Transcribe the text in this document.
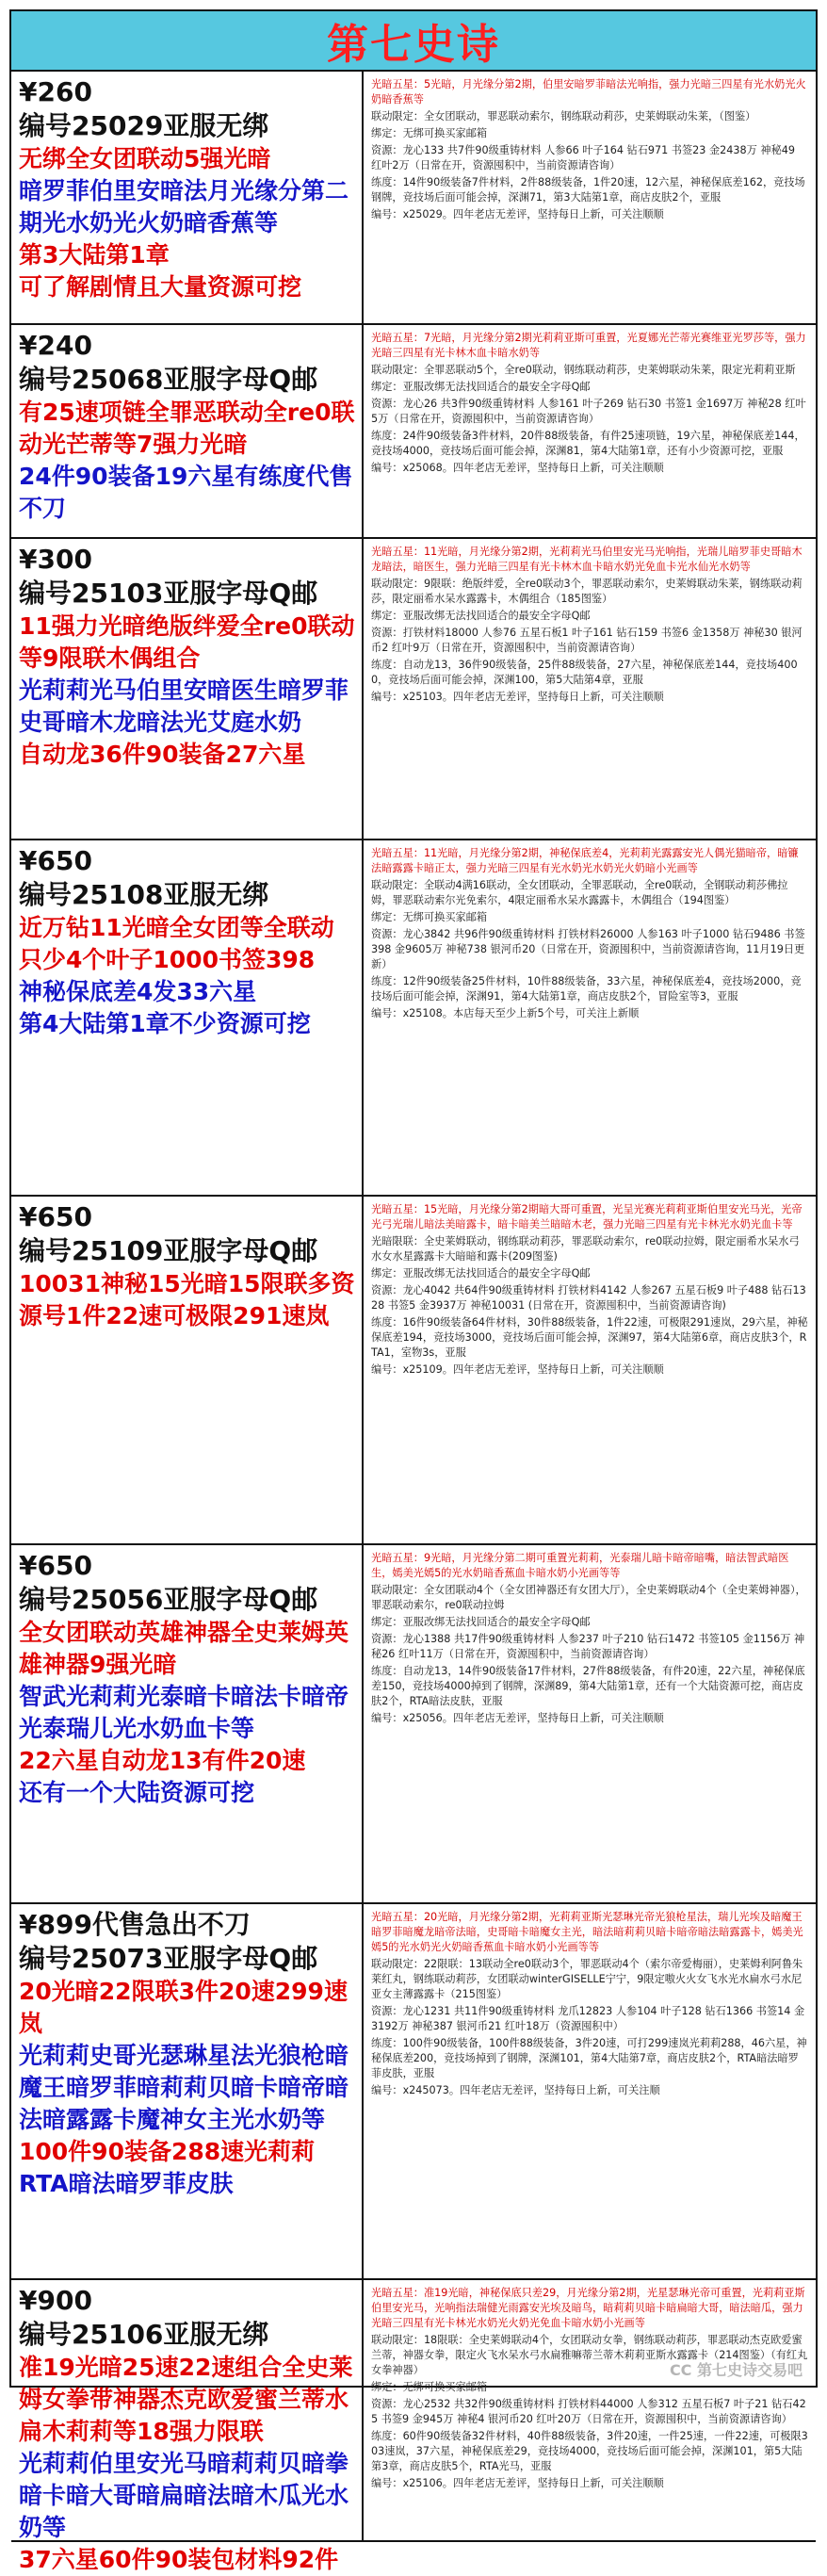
第七史诗
¥260
编号25029亚服无绑
无绑全女团联动5强光暗
暗罗菲伯里安暗法月光缘分第二期光水奶光火奶暗香蕉等
第3大陆第1章
可了解剧情且大量资源可挖
光暗五星：5光暗，月光缘分第2期，伯里安暗罗菲暗法光响指，强力光暗三四星有光水奶光火奶暗香蕉等
联动限定：全女团联动，罪恶联动索尔，钢练联动莉莎，史莱姆联动朱莱，（图鉴）
绑定：无绑可换买家邮箱
资源：龙心133 共7件90级重铸材料 人参66 叶子164 钻石971 书签23 金2438万 神秘49 红叶2万（日常在开，资源囤积中，当前资源请咨询）
练度：14件90级装备7件材料，2件88级装备，1件20速，12六星，神秘保底差162，竞技场钢牌，竞技场后面可能会掉，深渊71，第3大陆第1章，商店皮肤2个，亚服
编号：x25029。四年老店无差评，坚持每日上新，可关注顺顺
¥240
编号25068亚服字母Q邮
有25速项链全罪恶联动全re0联动光芒蒂等7强力光暗
24件90装备19六星有练度代售不刀
光暗五星：7光暗，月光缘分第2期光莉莉亚斯可重置，光夏娜光芒蒂光赛维亚光罗莎等，强力光暗三四星有光卡林木血卡暗水奶等
联动限定：全罪恶联动5个，全re0联动，钢练联动莉莎，史莱姆联动朱莱，限定光莉莉亚斯
绑定：亚服改绑无法找回适合的最安全字母Q邮
资源：龙心26 共3件90级重铸材料 人参161 叶子269 钻石30 书签1 金1697万 神秘28 红叶5万（日常在开，资源囤积中，当前资源请咨询）
练度：24件90级装备3件材料，20件88级装备，有件25速项链，19六星，神秘保底差144，竞技场4000，竞技场后面可能会掉，深渊81，第4大陆第1章，还有小少资源可挖，亚服
编号：x25068。四年老店无差评，坚持每日上新，可关注顺顺
¥300
编号25103亚服字母Q邮
11强力光暗绝版绊爱全re0联动等9限联木偶组合
光莉莉光马伯里安暗医生暗罗菲史哥暗木龙暗法光艾庭水奶
自动龙36件90装备27六星
光暗五星：11光暗，月光缘分第2期，光莉莉光马伯里安光马光响指，光瑞儿暗罗菲史哥暗木龙暗法，暗医生，强力光暗三四星有光卡林木血卡暗水奶光免血卡光水仙光水奶等
联动限定：9限联：绝版绊爱，全re0联动3个，罪恶联动索尔，史莱姆联动朱莱，钢练联动莉莎，限定丽希水呆水露露卡，木偶组合（185图鉴）
绑定：亚服改绑无法找回适合的最安全字母Q邮
资源：打铁材料18000 人参76 五星石板1 叶子161 钻石159 书签6 金1358万 神秘30 银河币2 红叶9万（日常在开，资源囤积中，当前资源请咨询）
练度：自动龙13，36件90级装备，25件88级装备，27六星，神秘保底差144，竞技场4000，竞技场后面可能会掉，深渊100，第5大陆第4章，亚服
编号：x25103。四年老店无差评，坚持每日上新，可关注顺顺
¥650
编号25108亚服无绑
近万钻11光暗全女团等全联动只少4个叶子1000书签398
神秘保底差4发33六星
第4大陆第1章不少资源可挖
光暗五星：11光暗，月光缘分第2期，神秘保底差4，光莉莉光露露安光人偶光猫暗帝，暗镰法暗露露卡暗正太，强力光暗三四星有光水奶光水奶光火奶暗小光画等
联动限定：全联动4满16联动，全女团联动，全罪恶联动，全re0联动，全钢联动莉莎佛拉姆，罪恶联动索尔光免索尔，4限定丽希水呆水露露卡，木偶组合（194图鉴）
绑定：无绑可换买家邮箱
资源：龙心3842 共96件90级重铸材料 打铁材料26000 人参163 叶子1000 钻石9486 书签398 金9605万 神秘738 银河币20（日常在开，资源囤积中，当前资源请咨询，11月19日更新）
练度：12件90级装备25件材料，10件88级装备，33六星，神秘保底差4，竞技场2000，竞技场后面可能会掉，深渊91，第4大陆第1章，商店皮肤2个，冒险室等3，亚服
编号：x25108。本店每天至少上新5个号，可关注上新顺
¥650
编号25109亚服字母Q邮
10031神秘15光暗15限联多资源号1件22速可极限291速岚
光暗五星：15光暗，月光缘分第2期暗大哥可重置，光呈光赛光莉莉亚斯伯里安光马光，光帝光弓光瑞儿暗法美暗露卡，暗卡暗美兰暗暗木老，强力光暗三四星有光卡林光水奶光血卡等
光暗限联：全史莱姆联动，钢练联动莉莎，罪恶联动索尔，re0联动拉姆，限定丽希水呆水弓水女水星露露卡大暗暗和露卡(209图鉴)
绑定：亚服改绑无法找回适合的最安全字母Q邮
资源：龙心4042 共64件90级重铸材料 打铁材料4142 人参267 五星石板9 叶子488 钻石1328 书签5 金3937万 神秘10031 (日常在开，资源囤积中，当前资源请咨询)
练度：16件90级装备64件材料，30件88级装备，1件22速，可极限291速岚，29六星，神秘保底差194，竞技场3000，竞技场后面可能会掉，深渊97，第4大陆第6章，商店皮肤3个，RTA1，室物3s，亚服
编号：x25109。四年老店无差评，坚持每日上新，可关注顺顺
¥650
编号25056亚服字母Q邮
全女团联动英雄神器全史莱姆英雄神器9强光暗
智武光莉莉光泰暗卡暗法卡暗帝光泰瑞儿光水奶血卡等
22六星自动龙13有件20速
还有一个大陆资源可挖
光暗五星：9光暗，月光缘分第二期可重置光莉莉，光泰瑞儿暗卡暗帝暗嘴，暗法智武暗医生，嫣美光嫣5的光水奶暗香蕉血卡暗水奶小光画等等
联动限定：全女团联动4个（全女团神器还有女团大厅），全史莱姆联动4个（全史莱姆神器），罪恶联动索尔，re0联动拉姆
绑定：亚服改绑无法找回适合的最安全字母Q邮
资源：龙心1388 共17件90级重铸材料 人参237 叶子210 钻石1472 书签105 金1156万 神秘26 红叶11万（日常在开，资源囤积中，当前资源请咨询）
练度：自动龙13，14件90级装备17件材料，27件88级装备，有件20速，22六星，神秘保底差150，竞技场4000掉到了钢牌，深渊89，第4大陆第1章，还有一个大陆资源可挖，商店皮肤2个，RTA暗法皮肤，亚服
编号：x25056。四年老店无差评，坚持每日上新，可关注顺顺
¥899代售急出不刀
编号25073亚服字母Q邮
20光暗22限联3件20速299速岚
光莉莉史哥光瑟琳星法光狼枪暗魔王暗罗菲暗莉莉贝暗卡暗帝暗法暗露露卡魔神女主光水奶等
100件90装备288速光莉莉
RTA暗法暗罗菲皮肤
光暗五星：20光暗，月光缘分第2期，光莉莉亚斯光瑟琳光帝光狼枪星法，瑞儿光埃及暗魔王暗罗菲暗魔龙暗帝法暗，史哥暗卡暗魔女主光，暗法暗莉莉贝暗卡暗帝暗法暗露露卡，嫣美光嫣5的光水奶光火奶暗香蕉血卡暗水奶小光画等等
联动限定：22限联：13联动全re0联动3个，罪恶联动4个（索尔帝爱梅丽），史莱姆利阿鲁朱莱红丸，钢练联动莉莎，女团联动winterGISELLE宁宁，9限定嗷火火女飞水光水扁水弓水尼亚女主薄露露卡（215图鉴）
资源：龙心1231 共11件90级重铸材料 龙爪12823 人参104 叶子128 钻石1366 书签14 金3192万 神秘387 银河币21 红叶18万（资源囤积中）
练度：100件90级装备，100件88级装备，3件20速，可打299速岚光莉莉288，46六星，神秘保底差200，竞技场掉到了钢牌，深渊101，第4大陆第7章，商店皮肤2个，RTA暗法暗罗菲皮肤，亚服
编号：x245073。四年老店无差评，坚持每日上新，可关注顺
¥900
编号25106亚服无绑
准19光暗25速22速组合全史莱姆女拳带神器杰克欧爱蜜兰蒂水扁木莉莉等18强力限联
光莉莉伯里安光马暗莉莉贝暗拳暗卡暗大哥暗扁暗法暗木瓜光水奶等
37六星60件90装包材料92件
光暗五星：准19光暗，神秘保底只差29，月光缘分第2期，光星瑟琳光帝可重置，光莉莉亚斯伯里安光马，光响指法瑞健光雨露安光埃及暗鸟，暗莉莉贝暗卡暗扁暗大哥，暗法暗瓜，强力光暗三四星有光卡林光水奶光火奶光免血卡暗水奶小光画等
联动限定：18限联：全史莱姆联动4个，女团联动女拳，钢练联动莉莎，罪恶联动杰克欧爱蜜兰蒂，神器女拳，限定火飞水呆水弓水扁雅嘛蒂兰蒂木莉莉亚斯水露露卡（214图鉴）（有红丸女拳神器）
绑定：无绑可换买家邮箱
资源：龙心2532 共32件90级重铸材料 打铁材料44000 人参312 五星石板7 叶子21 钻石425 书签9 金945万 神秘4 银河币20 红叶20万（日常在开，资源囤积中，当前资源请咨询）
练度：60件90级装备32件材料，40件88级装备，3件20速，一件25速，一件22速，可极限303速岚，37六星，神秘保底差29，竞技场4000，竞技场后面可能会掉，深渊101，第5大陆第3章，商店皮肤5个，RTA光马，亚服
编号：x25106。四年老店无差评，坚持每日上新，可关注顺顺
CC 第七史诗交易吧
